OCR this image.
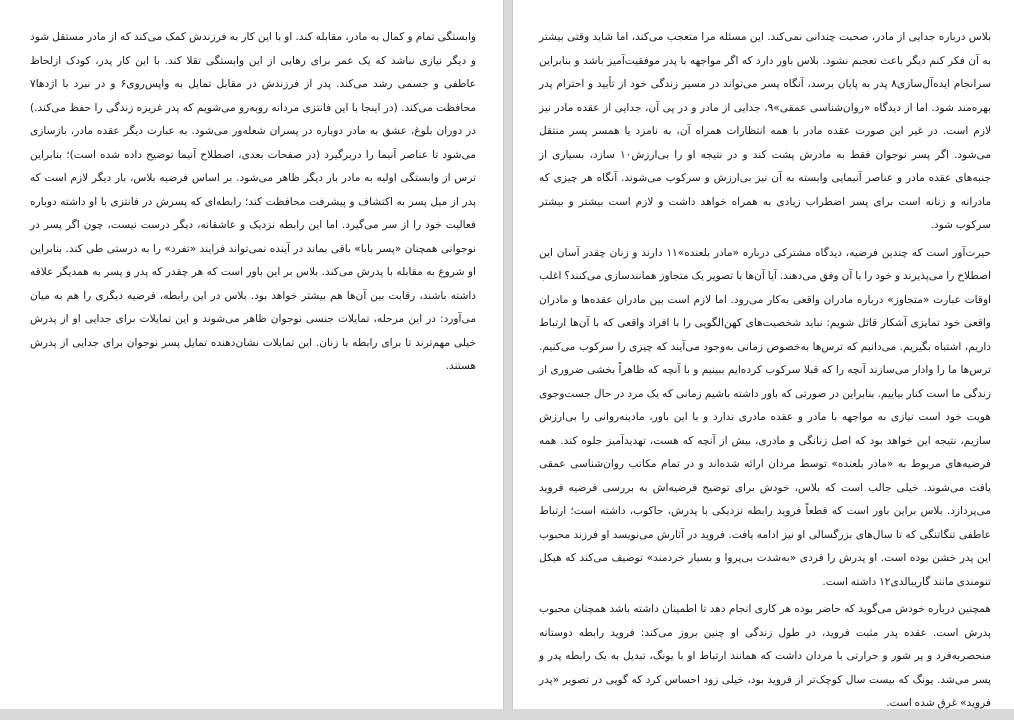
وابستگی تمام و کمال به مادر، مقابله کند. او با این کار به فرزندش کمک می‌کند که از مادر مستقل شود و دیگر نیازی نباشد که یک عمر برای رهایی از این وابستگی تقلا کند. با این کار پدر، کودک ازلحاظ عاطفی و جسمی رشد می‌کند. پدر از فرزندش در مقابل تمایل به واپس‌روی۶ و در نبرد با اژدها۷ محافظت می‌کند. (در اینجا با این فانتزی مردانه روبه‌رو می‌شویم که پدر غریزه زندگی را حفظ می‌کند.) در دوران بلوغ، عشق به مادر دوباره در پسران شعله‌ور می‌شود. به عبارت دیگر عقده مادر، بازسازی می‌شود تا عناصر آنیما را دربرگیرد (در صفحات بعدی، اصطلاح آنیما توضیح داده شده است)؛ بنابراین ترس از وابستگی اولیه به مادر بار دیگر ظاهر می‌شود. بر اساس فرضیه بلاس، بار دیگر لازم است که پدر از میل پسر به اکتشاف و پیشرفت محافظت کند؛ رابطه‌ای که پسرش در فانتزی با او داشته دوباره فعالیت خود را از سر می‌گیرد. اما این رابطه نزدیک و عاشقانه، دیگر درست نیست، چون اگر پسر در نوجوانی همچنان «پسر بابا» باقی بماند در آینده نمی‌تواند فرایند «تفرد» را به درستی طی کند. بنابراین او شروع به مقابله با پدرش می‌کند. بلاس بر این باور است که هر چقدر که پدر و پسر به همدیگر علاقه داشته باشند، رقابت بین آن‌ها هم بیشتر خواهد بود. بلاس در این رابطه، فرضیه دیگری را هم به میان می‌آورد: در این مرحله، تمایلات جنسی نوجوان ظاهر می‌شوند و این تمایلات برای جدایی او از پدرش خیلی مهم‌ترند تا برای رابطه با زنان. این تمایلات نشان‌دهنده تمایل پسر نوجوان برای جدایی از پدرش هستند.

بلاس درباره جدایی از مادر، صحبت چندانی نمی‌کند. این مسئله مرا متعجب می‌کند، اما شاید وقتی بیشتر به آن فکر کنم دیگر باعث تعجبم نشود. بلاس باور دارد که اگر مواجهه با پدر موفقیت‌آمیز باشد و بنابراین سرانجام ایده‌آل‌سازی۸ پدر به پایان برسد، آنگاه پسر می‌تواند در مسیر زندگی خود از تأیید و احترام پدر بهره‌مند شود. اما از دیدگاه «روان‌شناسی عمقی»۹، جدایی از مادر و در پی آن، جدایی از عقده مادر نیز لازم است. در غیر این صورت عقده مادر با همه انتظارات همراه آن، به نامزد یا همسر پسر منتقل می‌شود. اگر پسر نوجوان فقط به مادرش پشت کند و در نتیجه او را بی‌ارزش۱۰ سازد، بسیاری از جنبه‌های عقده مادر و عناصر آنیمایی وابسته به آن نیز بی‌ارزش و سرکوب می‌شوند. آنگاه هر چیزی که مادرانه و زنانه است برای پسر اضطراب زیادی به همراه خواهد داشت و لازم است بیشتر و بیشتر سرکوب شود.

حیرت‌آور است که چندین فرضیه، دیدگاه مشترکی درباره «مادر بلعنده»۱۱ دارند و زنان چقدر آسان این اصطلاح را می‌پذیرند و خود را با آن وفق می‌دهند. آیا آن‌ها با تصویر یک متجاوز همانندسازی می‌کنند؟ اغلب اوقات عبارت «متجاوز» درباره مادران واقعی به‌کار می‌رود. اما لازم است بین مادران عقده‌ها و مادران واقعی خود تمایزی آشکار قائل شویم: نباید شخصیت‌های کهن‌الگویی را با افراد واقعی که با آن‌ها ارتباط داریم، اشتباه بگیریم. می‌دانیم که ترس‌ها به‌خصوص زمانی به‌وجود می‌آیند که چیزی را سرکوب می‌کنیم. ترس‌ها ما را وادار می‌سازند آنچه را که قبلا سرکوب کرده‌ایم ببینیم و با آنچه که ظاهراً بخشی ضروری از زندگی ما است کنار بیاییم. بنابراین در صورتی که باور داشته باشیم زمانی که یک مرد در حال جست‌وجوی هویت خود است نیازی به مواجهه با مادر و عقده مادری ندارد و با این باور، مادینه‌روانی را بی‌ارزش سازیم، نتیجه این خواهد بود که اصل زنانگی و مادری، بیش از آنچه که هست، تهدیدآمیز جلوه کند. همه فرضیه‌های مربوط به «مادر بلعنده» توسط مردان ارائه شده‌اند و در تمام مکاتب روان‌شناسی عمقی یافت می‌شوند. خیلی جالب است که بلاس، خودش برای توضیح فرضیه‌اش به بررسی فرضیه فروید می‌پردازد. بلاس براین باور است که قطعاً فروید رابطه نزدیکی با پدرش، جاکوب، داشته است؛ ارتباط عاطفی تنگاتنگی که تا سال‌های بزرگسالی او نیز ادامه یافت. فروید در آثارش می‌نویسد او فرزند محبوب این پدر خشن بوده است. او پدرش را فردی «به‌شدت بی‌پروا و بسیار خردمند» توصیف می‌کند که هیکل تنومندی مانند گاریبالدی۱۲ داشته است.

همچنین درباره خودش می‌گوید که حاضر بوده هر کاری انجام دهد تا اطمینان داشته باشد همچنان محبوب پدرش است. عقده پدر مثبت فروید، در طول زندگی او چنین بروز می‌کند: فروید رابطه دوستانه منحصربه‌فرد و پر شور و حرارتی با مردان داشت که همانند ارتباط او با یونگ، تبدیل به یک رابطه پدر و پسر می‌شد. یونگ که بیست سال کوچک‌تر از فروید بود، خیلی زود احساس کرد که گویی در تصویر «پدر فروید» غرق شده است.
